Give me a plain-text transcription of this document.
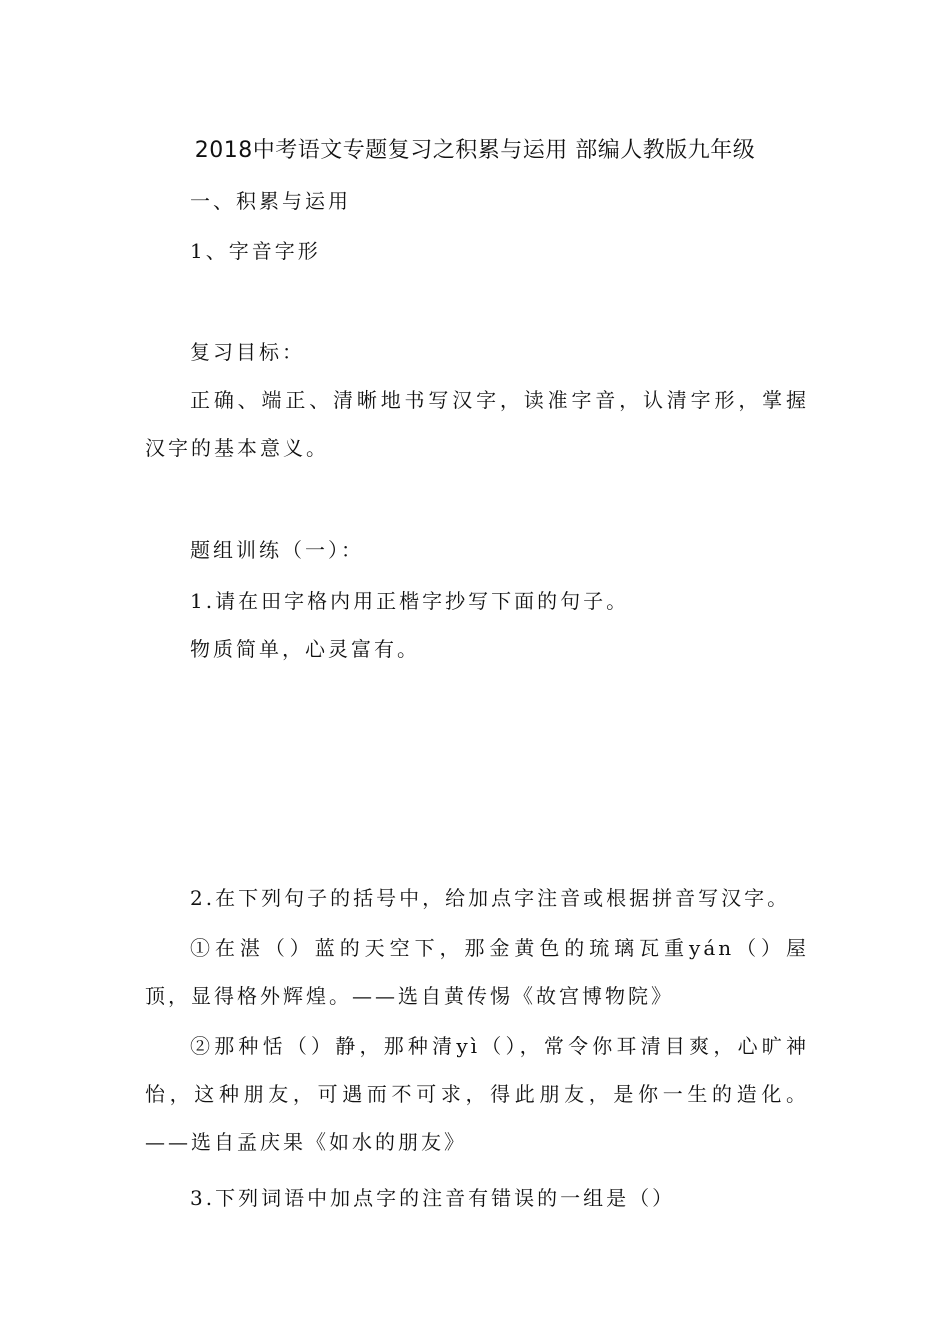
2018中考语文专题复习之积累与运用 部编人教版九年级
一、积累与运用
1、字音字形
复习目标：
正确、端正、清晰地书写汉字，读准字音，认清字形，掌握汉字的基本意义。
题组训练（一）：
1.请在田字格内用正楷字抄写下面的句子。
物质简单，心灵富有。
2.在下列句子的括号中，给加点字注音或根据拼音写汉字。
①在湛（）蓝的天空下，那金黄色的琉璃瓦重yán（）屋顶，显得格外辉煌。——选自黄传惕《故宫博物院》
②那种恬（）静，那种清yì（），常令你耳清目爽，心旷神怡，这种朋友，可遇而不可求，得此朋友，是你一生的造化。——选自孟庆果《如水的朋友》
3.下列词语中加点字的注音有错误的一组是（）
